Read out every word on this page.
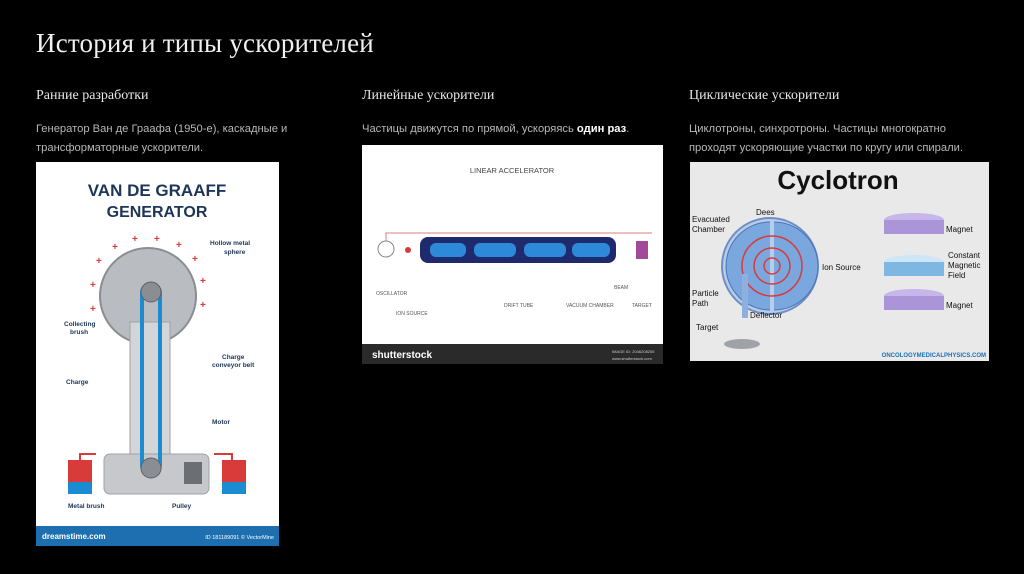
История и типы ускорителей
Ранние разработки

Генератор Ван де Граафа (1950-е), каскадные и трансформаторные ускорители.

Линейные ускорители

Частицы движутся по прямой, ускоряясь один раз.

Циклические ускорители

Циклотроны, синхротроны. Частицы многократно проходят ускоряющие участки по кругу или спирали.

VAN DE GRAAFF
GENERATOR
+
+
+ +
+
+
+
+
+
+
Hollow metal
sphere
Collecting
brush
Charge
conveyor belt
Charge
Motor
Metal brush	Pulley
dreamstime.com	ID 181189091 © VectorMine
LINEAR ACCELERATOR
OSCILLATOR
ION SOURCE
DRIFT TUBE	VACUUM CHAMBER
BEAM
TARGET
shutterstock	IMAGE ID: 2046208205
www.shutterstock.com
Cyclotron
Evacuated
Chamber
Dees
Magnet
Constant
Magnetic
Field
Ion Source
Particle
Path	Magnet
Deflector
Target
ONCOLOGYMEDICALPHYSICS.COM
